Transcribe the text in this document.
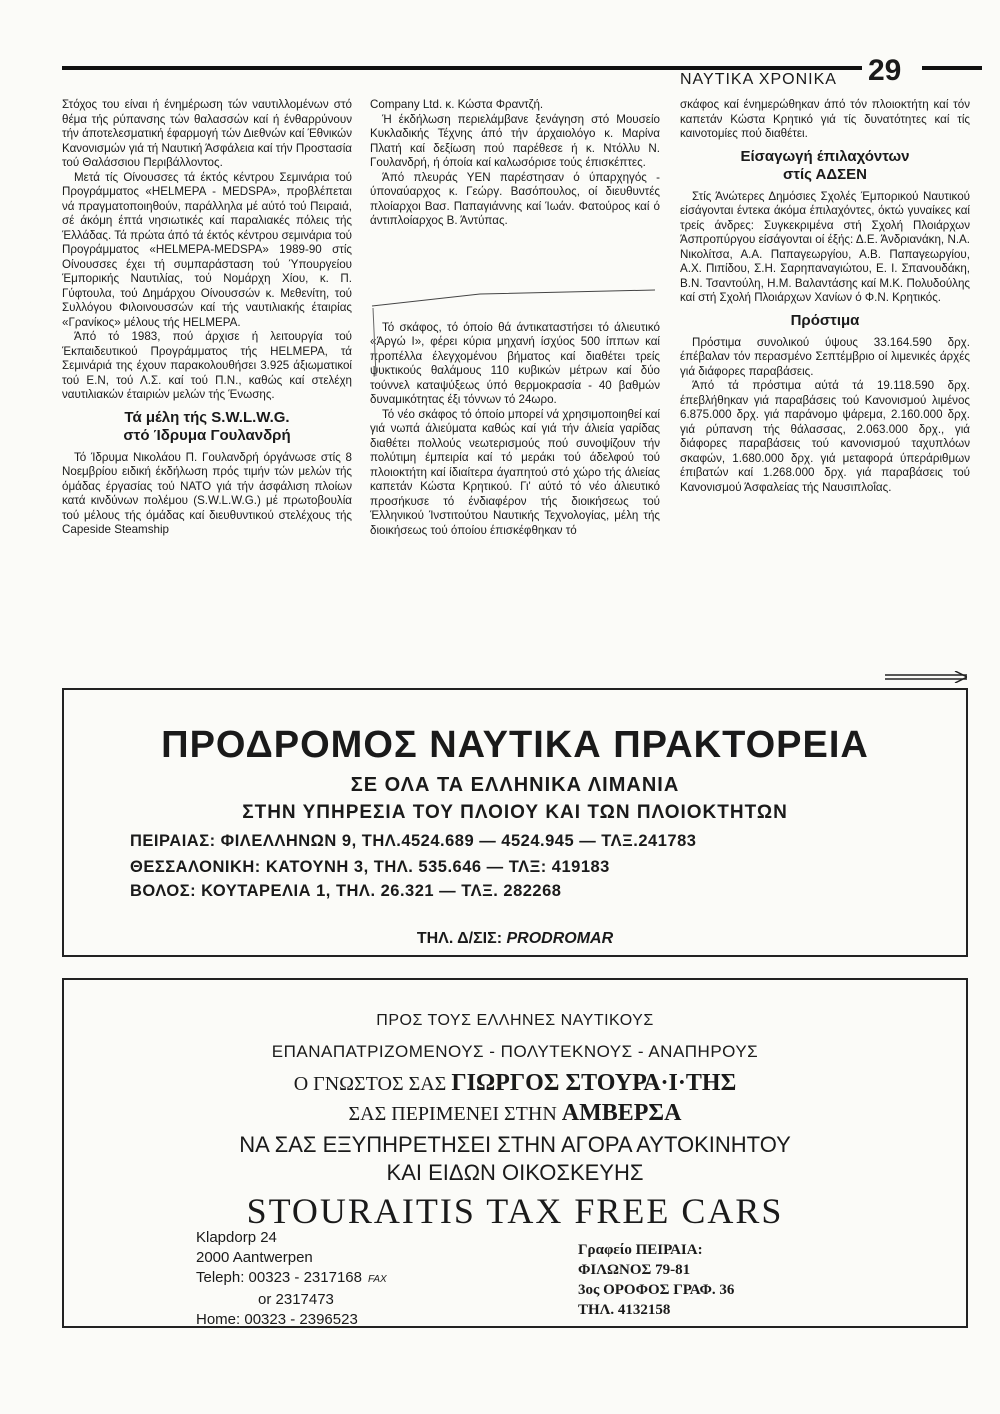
ΝΑΥΤΙΚΑ ΧΡΟΝΙΚΑ 29

Στόχος του είναι ή ένημέρωση τών ναυτιλλομένων στό θέμα τής ρύπανσης τών θαλασσών καί ή ένθαρρύνουν τήν άποτελεσματική έφαρμογή τών Διεθνών καί Έθνικών Κανονισμών γιά τή Ναυτική Άσφάλεια καί τήν Προστασία τού Θαλάσσιου Περιβάλλοντος.

Μετά τίς Οίνουσσες τά έκτός κέντρου Σεμινάρια τού Προγράμματος «HELMEPA - MEDSPA», προβλέπεται νά πραγματοποιηθούν, παράλληλα μέ αύτό τού Πειραιά, σέ άκόμη έπτά νησιωτικές καί παραλιακές πόλεις τής Έλλάδας. Τά πρώτα άπό τά έκτός κέντρου σεμινάρια τού Προγράμματος «HELMEPA-MEDSPA» 1989-90 στίς Οίνουσσες έχει τή συμπαράσταση τού Ύπουργείου Έμπορικής Ναυτιλίας, τού Νομάρχη Χίου, κ. Π. Γύφτουλα, τού Δημάρχου Οίνουσσών κ. Μεθενίτη, τού Συλλόγου Φιλοινουσσών καί τής ναυτιλιακής έταιρίας «Γρανίκος» μέλους τής HELMEPA.

Άπό τό 1983, πού άρχισε ή λειτουργία τού Έκπαιδευτικού Προγράμματος τής HELMEPA, τά Σεμινάριά της έχουν παρακολουθήσει 3.925 άξιωματικοί τού Ε.Ν, τού Λ.Σ. καί τού Π.Ν., καθώς καί στελέχη ναυτιλιακών έταιριών μελών τής Ένωσης.

Τά μέλη τής S.W.L.W.G.
στό Ίδρυμα Γουλανδρή

Τό Ίδρυμα Νικολάου Π. Γουλανδρή όργάνωσε στίς 8 Νοεμβρίου ειδική έκδήλωση πρός τιμήν τών μελών τής όμάδας έργασίας τού ΝΑΤΟ γιά τήν άσφάλιση πλοίων κατά κινδύνων πολέμου (S.W.L.W.G.) μέ πρωτοβουλία τού μέλους τής όμάδας καί διευθυντικού στελέχους τής Capeside Steamship

Company Ltd. κ. Κώστα Φραντζή.

Ή έκδήλωση περιελάμβανε ξενάγηση στό Μουσείο Κυκλαδικής Τέχνης άπό τήν άρχαιολόγο κ. Μαρίνα Πλατή καί δεξίωση πού παρέθεσε ή κ. Ντόλλυ Ν. Γουλανδρή, ή όποία καί καλωσόρισε τούς έπισκέπτες.

Άπό πλευράς ΥΕΝ παρέστησαν ό ύπαρχηγός - ύποναύαρχος κ. Γεώργ. Βασόπουλος, οί διευθυντές πλοίαρχοι Βασ. Παπαγιάννης καί Ίωάν. Φατούρος καί ό άντιπλοίαρχος Β. Άντύπας.

Τό σκάφος, τό όποίο θά άντικαταστήσει τό άλιευτικό «Άργώ Ι», φέρει κύρια μηχανή ίσχύος 500 ίππων καί προπέλλα έλεγχομένου βήματος καί διαθέτει τρείς ψυκτικούς θαλάμους 110 κυβικών μέτρων καί δύο τούννελ καταψύξεως ύπό θερμοκρασία - 40 βαθμών δυναμικότητας έξι τόννων τό 24ωρο.

Τό νέο σκάφος τό όποίο μπορεί νά χρησιμοποιηθεί καί γιά νωπά άλιεύματα καθώς καί γιά τήν άλιεία γαρίδας διαθέτει πολλούς νεωτερισμούς πού συνοψίζουν τήν πολύτιμη έμπειρία καί τό μεράκι τού άδελφού τού πλοιοκτήτη καί ίδιαίτερα άγαπητού στό χώρο τής άλιείας καπετάν Κώστα Κρητικού. Γι' αύτό τό νέο άλιευτικό προσήκυσε τό ένδιαφέρον τής διοικήσεως τού Έλληνικού Ίνστιτούτου Ναυτικής Τεχνολογίας, μέλη τής διοικήσεως τού όποίου έπισκέφθηκαν τό

σκάφος καί ένημερώθηκαν άπό τόν πλοιοκτήτη καί τόν καπετάν Κώστα Κρητικό γιά τίς δυνατότητες καί τίς καινοτομίες πού διαθέτει.

Είσαγωγή έπιλαχόντων
στίς ΑΔΣΕΝ

Στίς Άνώτερες Δημόσιες Σχολές Έμπορικού Ναυτικού είσάγονται έντεκα άκόμα έπιλαχόντες, όκτώ γυναίκες καί τρείς άνδρες: Συγκεκριμένα στή Σχολή Πλοιάρχων Άσπροπύργου είσάγονται οί έξής: Δ.Ε. Άνδριανάκη, Ν.Α. Νικολίτσα, Α.Α. Παπαγεωργίου, Α.Β. Παπαγεωργίου, Α.Χ. Πιπίδου, Σ.Η. Σαρηπαναγιώτου, Ε. Ι. Σπανουδάκη, Β.Ν. Τσαντούλη, Η.Μ. Βαλαντάσης καί Μ.Κ. Πολυδούλης καί στή Σχολή Πλοιάρχων Χανίων ό Φ.Ν. Κρητικός.

Πρόστιμα

Πρόστιμα συνολικού ύψους 33.164.590 δρχ. έπέβαλαν τόν περασμένο Σεπτέμβριο οί λιμενικές άρχές γιά διάφορες παραβάσεις.

Άπό τά πρόστιμα αύτά τά 19.118.590 δρχ. έπεβλήθηκαν γιά παραβάσεις τού Κανονισμού λιμένος 6.875.000 δρχ. γιά παράνομο ψάρεμα, 2.160.000 δρχ. γιά ρύπανση τής θάλασσας, 2.063.000 δρχ., γιά διάφορες παραβάσεις τού κανονισμού ταχυπλόων σκαφών, 1.680.000 δρχ. γιά μεταφορά ύπεράριθμων έπιβατών καί 1.268.000 δρχ. γιά παραβάσεις τού Κανονισμού Άσφαλείας τής Ναυσιπλοΐας.

ΠΡΟΔΡΟΜΟΣ ΝΑΥΤΙΚΑ ΠΡΑΚΤΟΡΕΙΑ
ΣΕ ΟΛΑ ΤΑ ΕΛΛΗΝΙΚΑ ΛΙΜΑΝΙΑ
ΣΤΗΝ ΥΠΗΡΕΣΙΑ ΤΟΥ ΠΛΟΙΟΥ ΚΑΙ ΤΩΝ ΠΛΟΙΟΚΤΗΤΩΝ
ΠΕΙΡΑΙΑΣ: ΦΙΛΕΛΛΗΝΩΝ 9, ΤΗΛ.4524.689 — 4524.945 — ΤΛΞ.241783
ΘΕΣΣΑΛΟΝΙΚΗ: ΚΑΤΟΥΝΗ 3, ΤΗΛ. 535.646 — ΤΛΞ: 419183
ΒΟΛΟΣ: ΚΟΥΤΑΡΕΛΙΑ 1, ΤΗΛ. 26.321 — ΤΛΞ. 282268
ΤΗΛ. Δ/ΣΙΣ: PRODROMAR
ΠΡΟΣ ΤΟΥΣ ΕΛΛΗΝΕΣ ΝΑΥΤΙΚΟΥΣ
ΕΠΑΝΑΠΑΤΡΙΖΟΜΕΝΟΥΣ - ΠΟΛΥΤΕΚΝΟΥΣ - ΑΝΑΠΗΡΟΥΣ
Ο ΓΝΩΣΤΟΣ ΣΑΣ ΓΙΩΡΓΟΣ ΣΤΟΥΡΑ·Ι·ΤΗΣ
ΣΑΣ ΠΕΡΙΜΕΝΕΙ ΣΤΗΝ ΑΜΒΕΡΣΑ
ΝΑ ΣΑΣ ΕΞΥΠΗΡΕΤΗΣΕΙ ΣΤΗΝ ΑΓΟΡΑ ΑΥΤΟΚΙΝΗΤΟΥ
ΚΑΙ ΕΙΔΩΝ ΟΙΚΟΣΚΕΥΗΣ
STOURAITIS TAX FREE CARS
Klapdorp 24
2000 Aantwerpen
Teleph: 00323 - 2317168 FAX
or 2317473
Home: 00323 - 2396523
Γραφείο ΠΕΙΡΑΙΑ:
ΦΙΛΩΝΟΣ 79-81
3ος ΟΡΟΦΟΣ ΓΡΑΦ. 36
ΤΗΛ. 4132158
